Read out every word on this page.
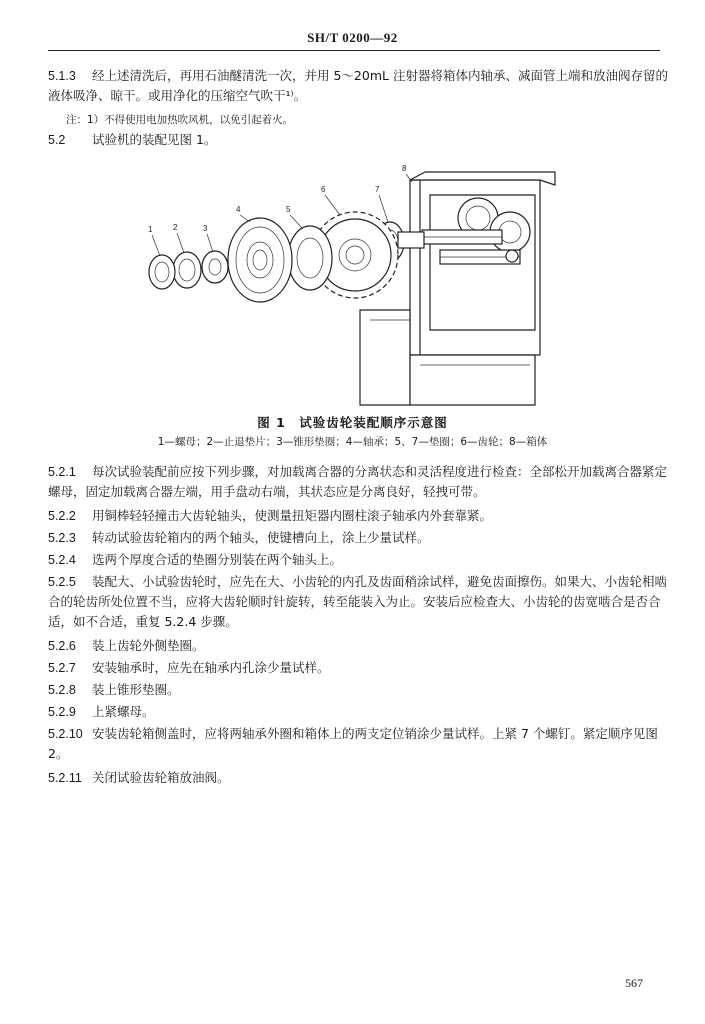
SH/T 0200—92

5.1.3 经上述清洗后，再用石油醚清洗一次，并用 5～20mL 注射器将箱体内轴承、减面管上端和放油阀存留的液体吸净、晾干。或用净化的压缩空气吹干¹⁾。

注：1）不得使用电加热吹风机，以免引起着火。

5.2 试验机的装配见图 1。

1	2	3
4	5
6	7
8
图 1　试验齿轮装配顺序示意图
1—螺母；2—止退垫片；3—锥形垫圈；4—轴承；5、7—垫圈；6—齿轮；8—箱体

5.2.1 每次试验装配前应按下列步骤，对加载离合器的分离状态和灵活程度进行检查：全部松开加载离合器紧定螺母，固定加载离合器左端，用手盘动右端，其状态应是分离良好，轻拽可带。

5.2.2 用铜棒轻轻撞击大齿轮轴头，使测量扭矩器内圈柱滚子轴承内外套靠紧。

5.2.3 转动试验齿轮箱内的两个轴头，使键槽向上，涂上少量试样。

5.2.4 选两个厚度合适的垫圈分别装在两个轴头上。

5.2.5 装配大、小试验齿轮时，应先在大、小齿轮的内孔及齿面稍涂试样，避免齿面擦伤。如果大、小齿轮相啮合的轮齿所处位置不当，应将大齿轮顺时针旋转，转至能装入为止。安装后应检查大、小齿轮的齿宽啮合是否合适，如不合适，重复 5.2.4 步骤。

5.2.6 装上齿轮外侧垫圈。

5.2.7 安装轴承时，应先在轴承内孔涂少量试样。

5.2.8 装上锥形垫圈。

5.2.9 上紧螺母。

5.2.10 安装齿轮箱侧盖时，应将两轴承外圈和箱体上的两支定位销涂少量试样。上紧 7 个螺钉。紧定顺序见图 2。

5.2.11 关闭试验齿轮箱放油阀。

567
